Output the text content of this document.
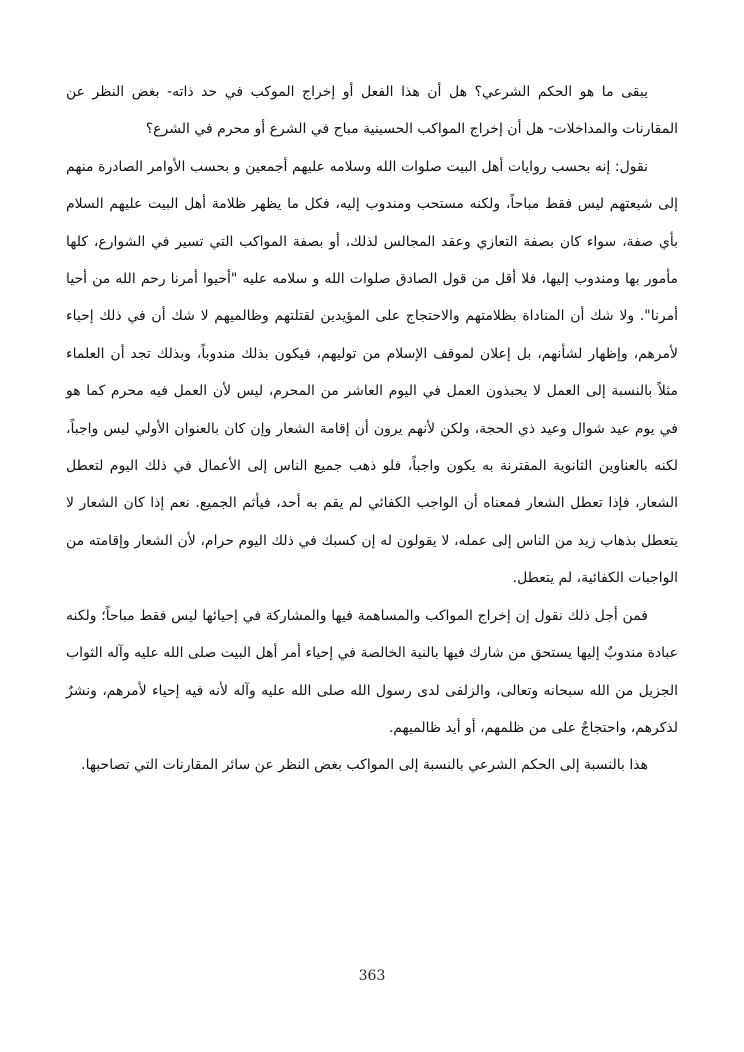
يبقى ما هو الحكم الشرعي؟ هل أن هذا الفعل أو إخراج الموكب في حد ذاته- بغض النظر عن المقارنات والمداخلات- هل أن إخراج المواكب الحسينية مباح في الشرع أو محرم في الشرع؟

نقول: إنه بحسب روايات أهل البيت صلوات الله وسلامه عليهم أجمعين و بحسب الأوامر الصادرة منهم إلى شيعتهم ليس فقط مباحاً، ولكنه مستحب ومندوب إليه، فكل ما يظهر ظلامة أهل البيت عليهم السلام بأي صفة، سواء كان بصفة التعازي وعقد المجالس لذلك، أو بصفة المواكب التي تسير في الشوارع، كلها مأمور بها ومندوب إليها، فلا أقل من قول الصادق صلوات الله و سلامه عليه "أحيوا أمرنا رحم الله من أحيا أمرنا". ولا شك أن المناداة بظلامتهم والاحتجاج على المؤيدين لقتلتهم وظالميهم لا شك أن في ذلك إحياء لأمرهم، وإظهار لشأنهم، بل إعلان لموقف الإسلام من توليهم، فيكون بذلك مندوباً، وبذلك تجد أن العلماء مثلاً بالنسبة إلى العمل لا يحبذون العمل في اليوم العاشر من المحرم، ليس لأن العمل فيه محرم كما هو في يوم عيد شوال وعيد ذي الحجة، ولكن لأنهم يرون أن إقامة الشعار وإن كان بالعنوان الأولي ليس واجباً، لكنه بالعناوين الثانوية المقترنة به يكون واجباً، فلو ذهب جميع الناس إلى الأعمال في ذلك اليوم لتعطل الشعار، فإذا تعطل الشعار فمعناه أن الواجب الكفائي لم يقم به أحد، فيأثم الجميع. نعم إذا كان الشعار لا يتعطل بذهاب زيد من الناس إلى عمله، لا يقولون له إن كسبك في ذلك اليوم حرام، لأن الشعار وإقامته من الواجبات الكفائية، لم يتعطل.

فمن أجل ذلك نقول إن إخراج المواكب والمساهمة فيها والمشاركة في إحيائها ليس فقط مباحاً؛ ولكنه عبادة مندوبٌ إليها يستحق من شارك فيها بالنية الخالصة في إحياء أمر أهل البيت صلى الله عليه وآله الثواب الجزيل من الله سبحانه وتعالى، والزلفى لدى رسول الله صلى الله عليه وآله لأنه فيه إحياء لأمرهم، ونشرٌ لذكرهم، واحتجاجٌ على من ظلمهم، أو أيد ظالميهم.

هذا بالنسبة إلى الحكم الشرعي بالنسبة إلى المواكب بغض النظر عن سائر المقارنات التي تصاحبها.

363
